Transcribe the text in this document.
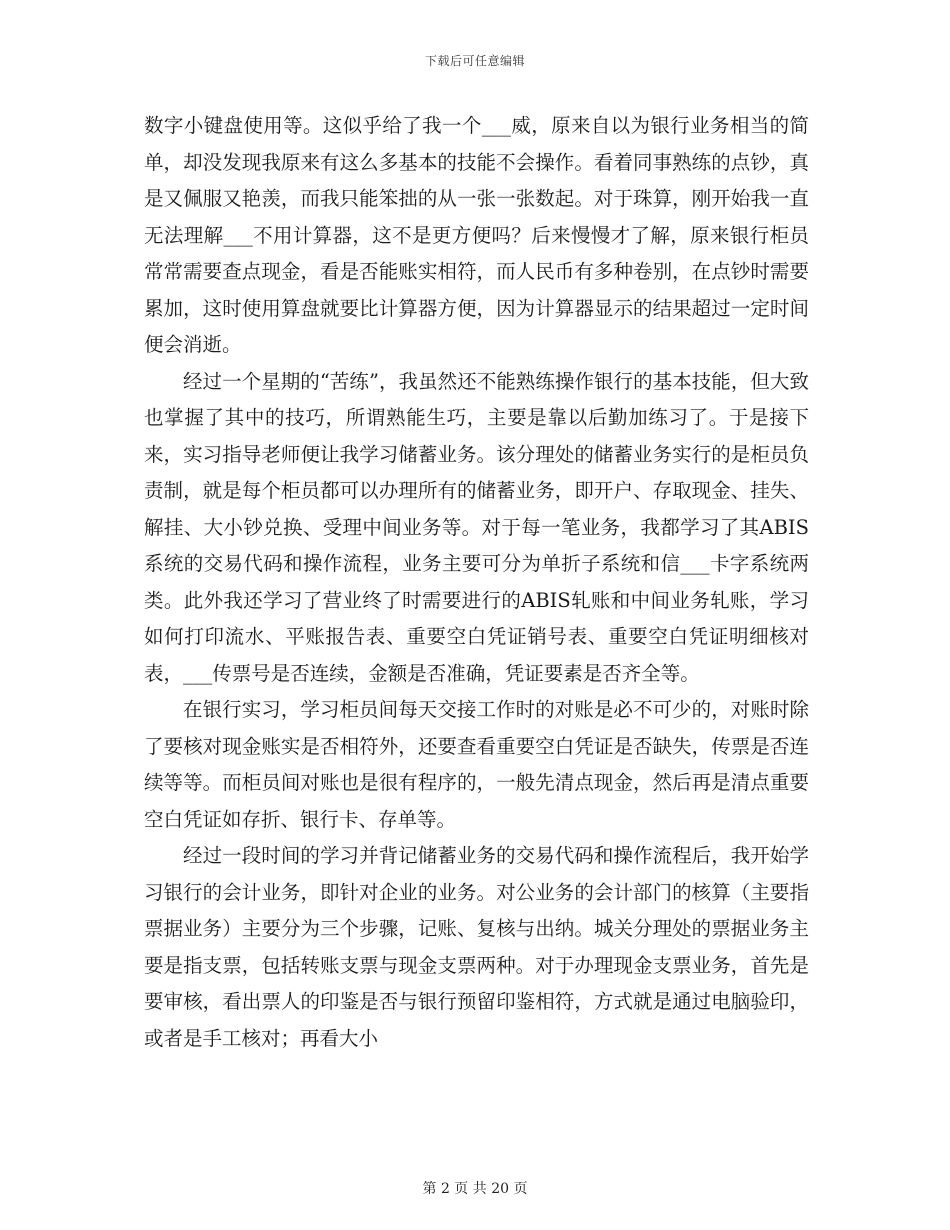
下载后可任意编辑

数字小键盘使用等。这似乎给了我一个___威，原来自以为银行业务相当的简单，却没发现我原来有这么多基本的技能不会操作。看着同事熟练的点钞，真是又佩服又艳羡，而我只能笨拙的从一张一张数起。对于珠算，刚开始我一直无法理解___不用计算器，这不是更方便吗？后来慢慢才了解，原来银行柜员常常需要查点现金，看是否能账实相符，而人民币有多种卷别，在点钞时需要累加，这时使用算盘就要比计算器方便，因为计算器显示的结果超过一定时间便会消逝。

经过一个星期的“苦练”，我虽然还不能熟练操作银行的基本技能，但大致也掌握了其中的技巧，所谓熟能生巧，主要是靠以后勤加练习了。于是接下来，实习指导老师便让我学习储蓄业务。该分理处的储蓄业务实行的是柜员负责制，就是每个柜员都可以办理所有的储蓄业务，即开户、存取现金、挂失、解挂、大小钞兑换、受理中间业务等。对于每一笔业务，我都学习了其ABIS系统的交易代码和操作流程，业务主要可分为单折子系统和信___卡字系统两类。此外我还学习了营业终了时需要进行的ABIS轧账和中间业务轧账，学习如何打印流水、平账报告表、重要空白凭证销号表、重要空白凭证明细核对表，___传票号是否连续，金额是否准确，凭证要素是否齐全等。

在银行实习，学习柜员间每天交接工作时的对账是必不可少的，对账时除了要核对现金账实是否相符外，还要查看重要空白凭证是否缺失，传票是否连续等等。而柜员间对账也是很有程序的，一般先清点现金，然后再是清点重要空白凭证如存折、银行卡、存单等。

经过一段时间的学习并背记储蓄业务的交易代码和操作流程后，我开始学习银行的会计业务，即针对企业的业务。对公业务的会计部门的核算（主要指票据业务）主要分为三个步骤，记账、复核与出纳。城关分理处的票据业务主要是指支票，包括转账支票与现金支票两种。对于办理现金支票业务，首先是要审核，看出票人的印鉴是否与银行预留印鉴相符，方式就是通过电脑验印，或者是手工核对；再看大小

第 2 页 共 20 页
